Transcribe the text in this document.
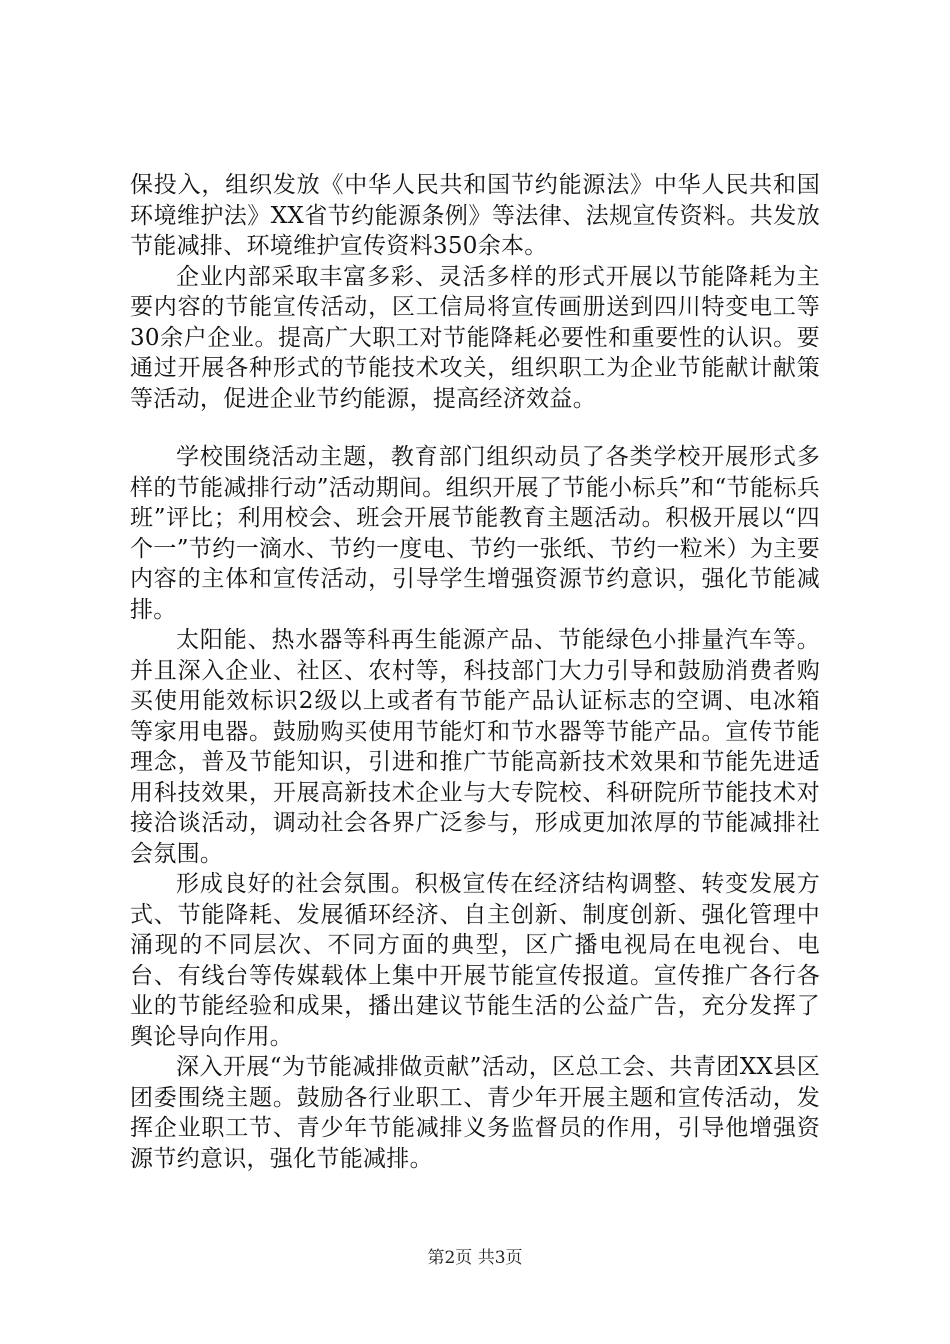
保投入，组织发放《中华人民共和国节约能源法》中华人民共和国环境维护法》XX省节约能源条例》等法律、法规宣传资料。共发放节能减排、环境维护宣传资料350余本。

企业内部采取丰富多彩、灵活多样的形式开展以节能降耗为主要内容的节能宣传活动，区工信局将宣传画册送到四川特变电工等30余户企业。提高广大职工对节能降耗必要性和重要性的认识。要通过开展各种形式的节能技术攻关，组织职工为企业节能献计献策等活动，促进企业节约能源，提高经济效益。

学校围绕活动主题，教育部门组织动员了各类学校开展形式多样的节能减排行动”活动期间。组织开展了节能小标兵”和“节能标兵班”评比；利用校会、班会开展节能教育主题活动。积极开展以“四个一”节约一滴水、节约一度电、节约一张纸、节约一粒米）为主要内容的主体和宣传活动，引导学生增强资源节约意识，强化节能减排。

太阳能、热水器等科再生能源产品、节能绿色小排量汽车等。并且深入企业、社区、农村等，科技部门大力引导和鼓励消费者购买使用能效标识2级以上或者有节能产品认证标志的空调、电冰箱等家用电器。鼓励购买使用节能灯和节水器等节能产品。宣传节能理念，普及节能知识，引进和推广节能高新技术效果和节能先进适用科技效果，开展高新技术企业与大专院校、科研院所节能技术对接洽谈活动，调动社会各界广泛参与，形成更加浓厚的节能减排社会氛围。

形成良好的社会氛围。积极宣传在经济结构调整、转变发展方式、节能降耗、发展循环经济、自主创新、制度创新、强化管理中涌现的不同层次、不同方面的典型，区广播电视局在电视台、电台、有线台等传媒载体上集中开展节能宣传报道。宣传推广各行各业的节能经验和成果，播出建议节能生活的公益广告，充分发挥了舆论导向作用。

深入开展“为节能减排做贡献”活动，区总工会、共青团XX县区团委围绕主题。鼓励各行业职工、青少年开展主题和宣传活动，发挥企业职工节、青少年节能减排义务监督员的作用，引导他增强资源节约意识，强化节能减排。

第2页 共3页
